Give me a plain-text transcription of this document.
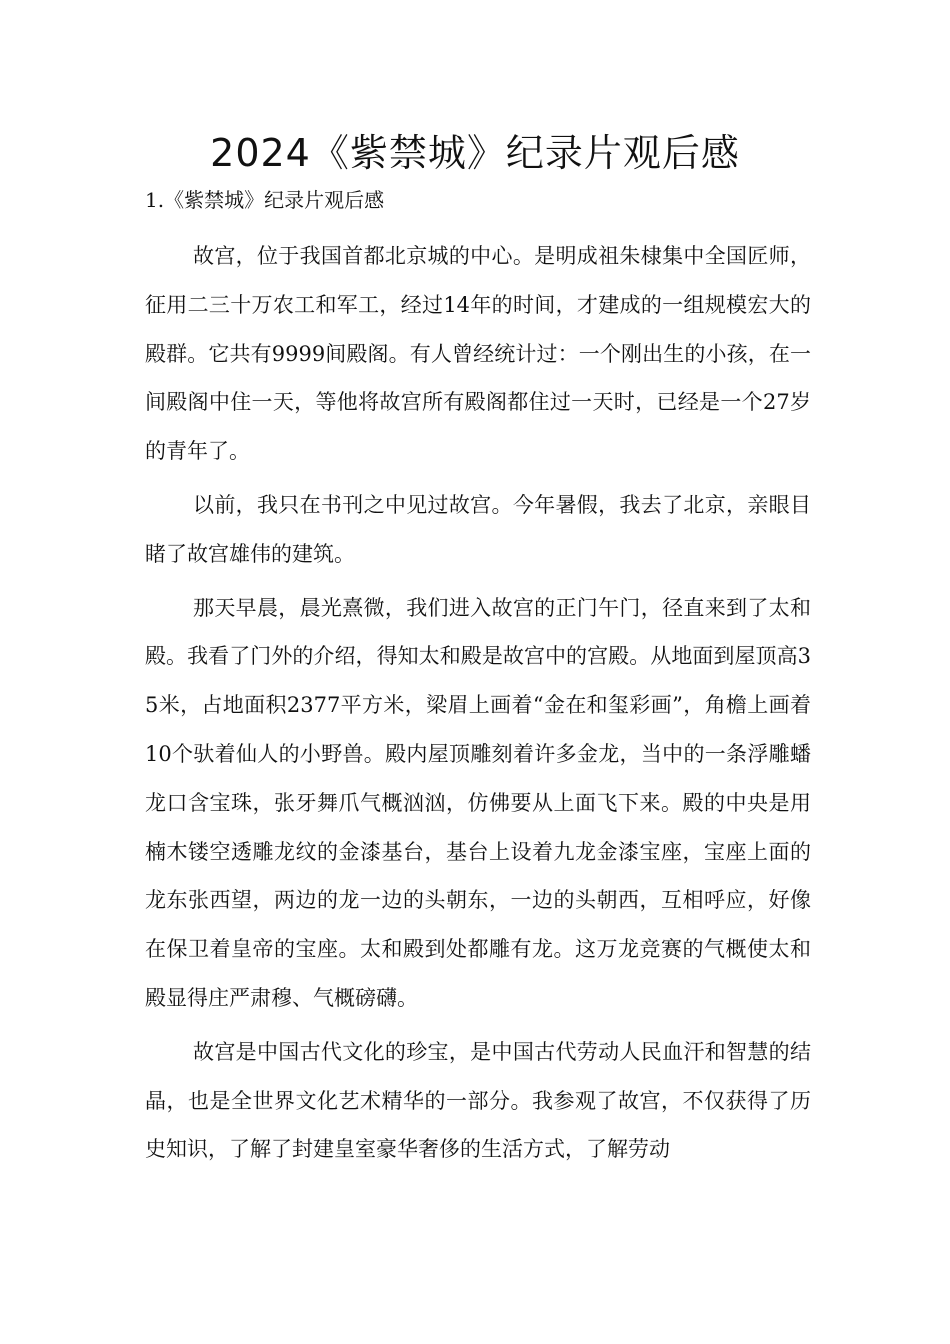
2024《紫禁城》纪录片观后感
1.《紫禁城》纪录片观后感

故宫，位于我国首都北京城的中心。是明成祖朱棣集中全国匠师，征用二三十万农工和军工，经过14年的时间，才建成的一组规模宏大的殿群。它共有9999间殿阁。有人曾经统计过：一个刚出生的小孩，在一间殿阁中住一天，等他将故宫所有殿阁都住过一天时，已经是一个27岁的青年了。

以前，我只在书刊之中见过故宫。今年暑假，我去了北京，亲眼目睹了故宫雄伟的建筑。

那天早晨，晨光熹微，我们进入故宫的正门午门，径直来到了太和殿。我看了门外的介绍，得知太和殿是故宫中的宫殿。从地面到屋顶高35米，占地面积2377平方米，梁眉上画着“金在和玺彩画”，角檐上画着10个驮着仙人的小野兽。殿内屋顶雕刻着许多金龙，当中的一条浮雕蟠龙口含宝珠，张牙舞爪气概汹汹，仿佛要从上面飞下来。殿的中央是用楠木镂空透雕龙纹的金漆基台，基台上设着九龙金漆宝座，宝座上面的龙东张西望，两边的龙一边的头朝东，一边的头朝西，互相呼应，好像在保卫着皇帝的宝座。太和殿到处都雕有龙。这万龙竞赛的气概使太和殿显得庄严肃穆、气概磅礴。

故宫是中国古代文化的珍宝，是中国古代劳动人民血汗和智慧的结晶，也是全世界文化艺术精华的一部分。我参观了故宫，不仅获得了历史知识，了解了封建皇室豪华奢侈的生活方式，了解劳动
